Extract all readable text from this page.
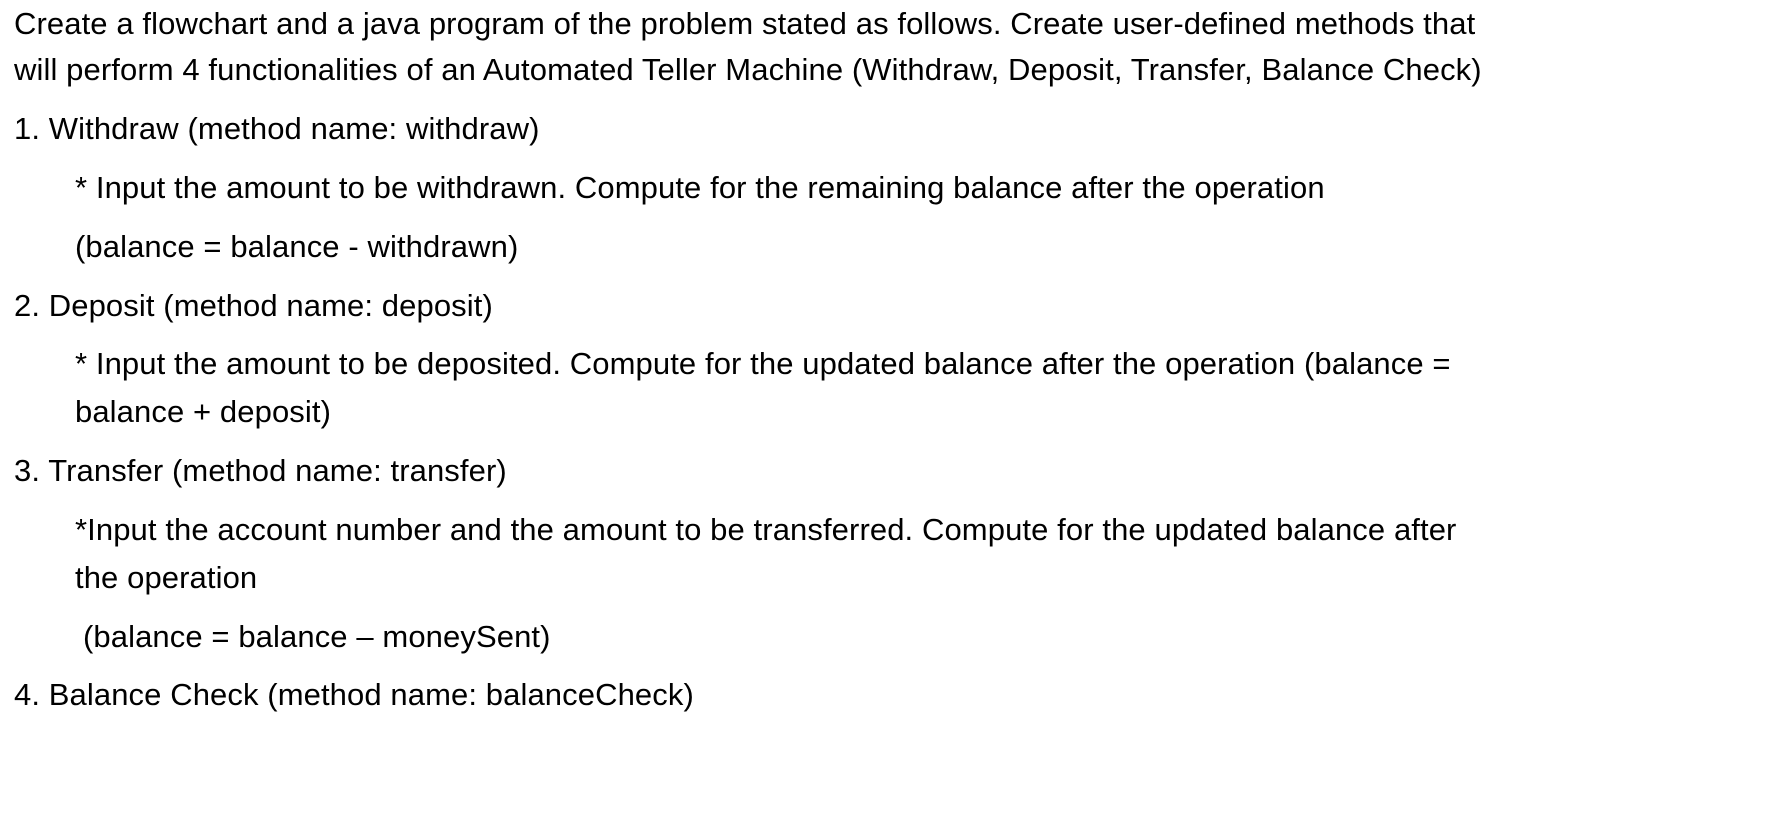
Create a flowchart and a java program of the problem stated as follows. Create user-defined methods that
will perform 4 functionalities of an Automated Teller Machine (Withdraw, Deposit, Transfer, Balance Check)
1. Withdraw (method name: withdraw)
* Input the amount to be withdrawn. Compute for the remaining balance after the operation
(balance = balance - withdrawn)
2. Deposit (method name: deposit)
* Input the amount to be deposited. Compute for the updated balance after the operation (balance =
balance + deposit)
3. Transfer (method name: transfer)
*Input the account number and the amount to be transferred. Compute for the updated balance after
the operation
(balance = balance – moneySent)
4. Balance Check (method name: balanceCheck)
